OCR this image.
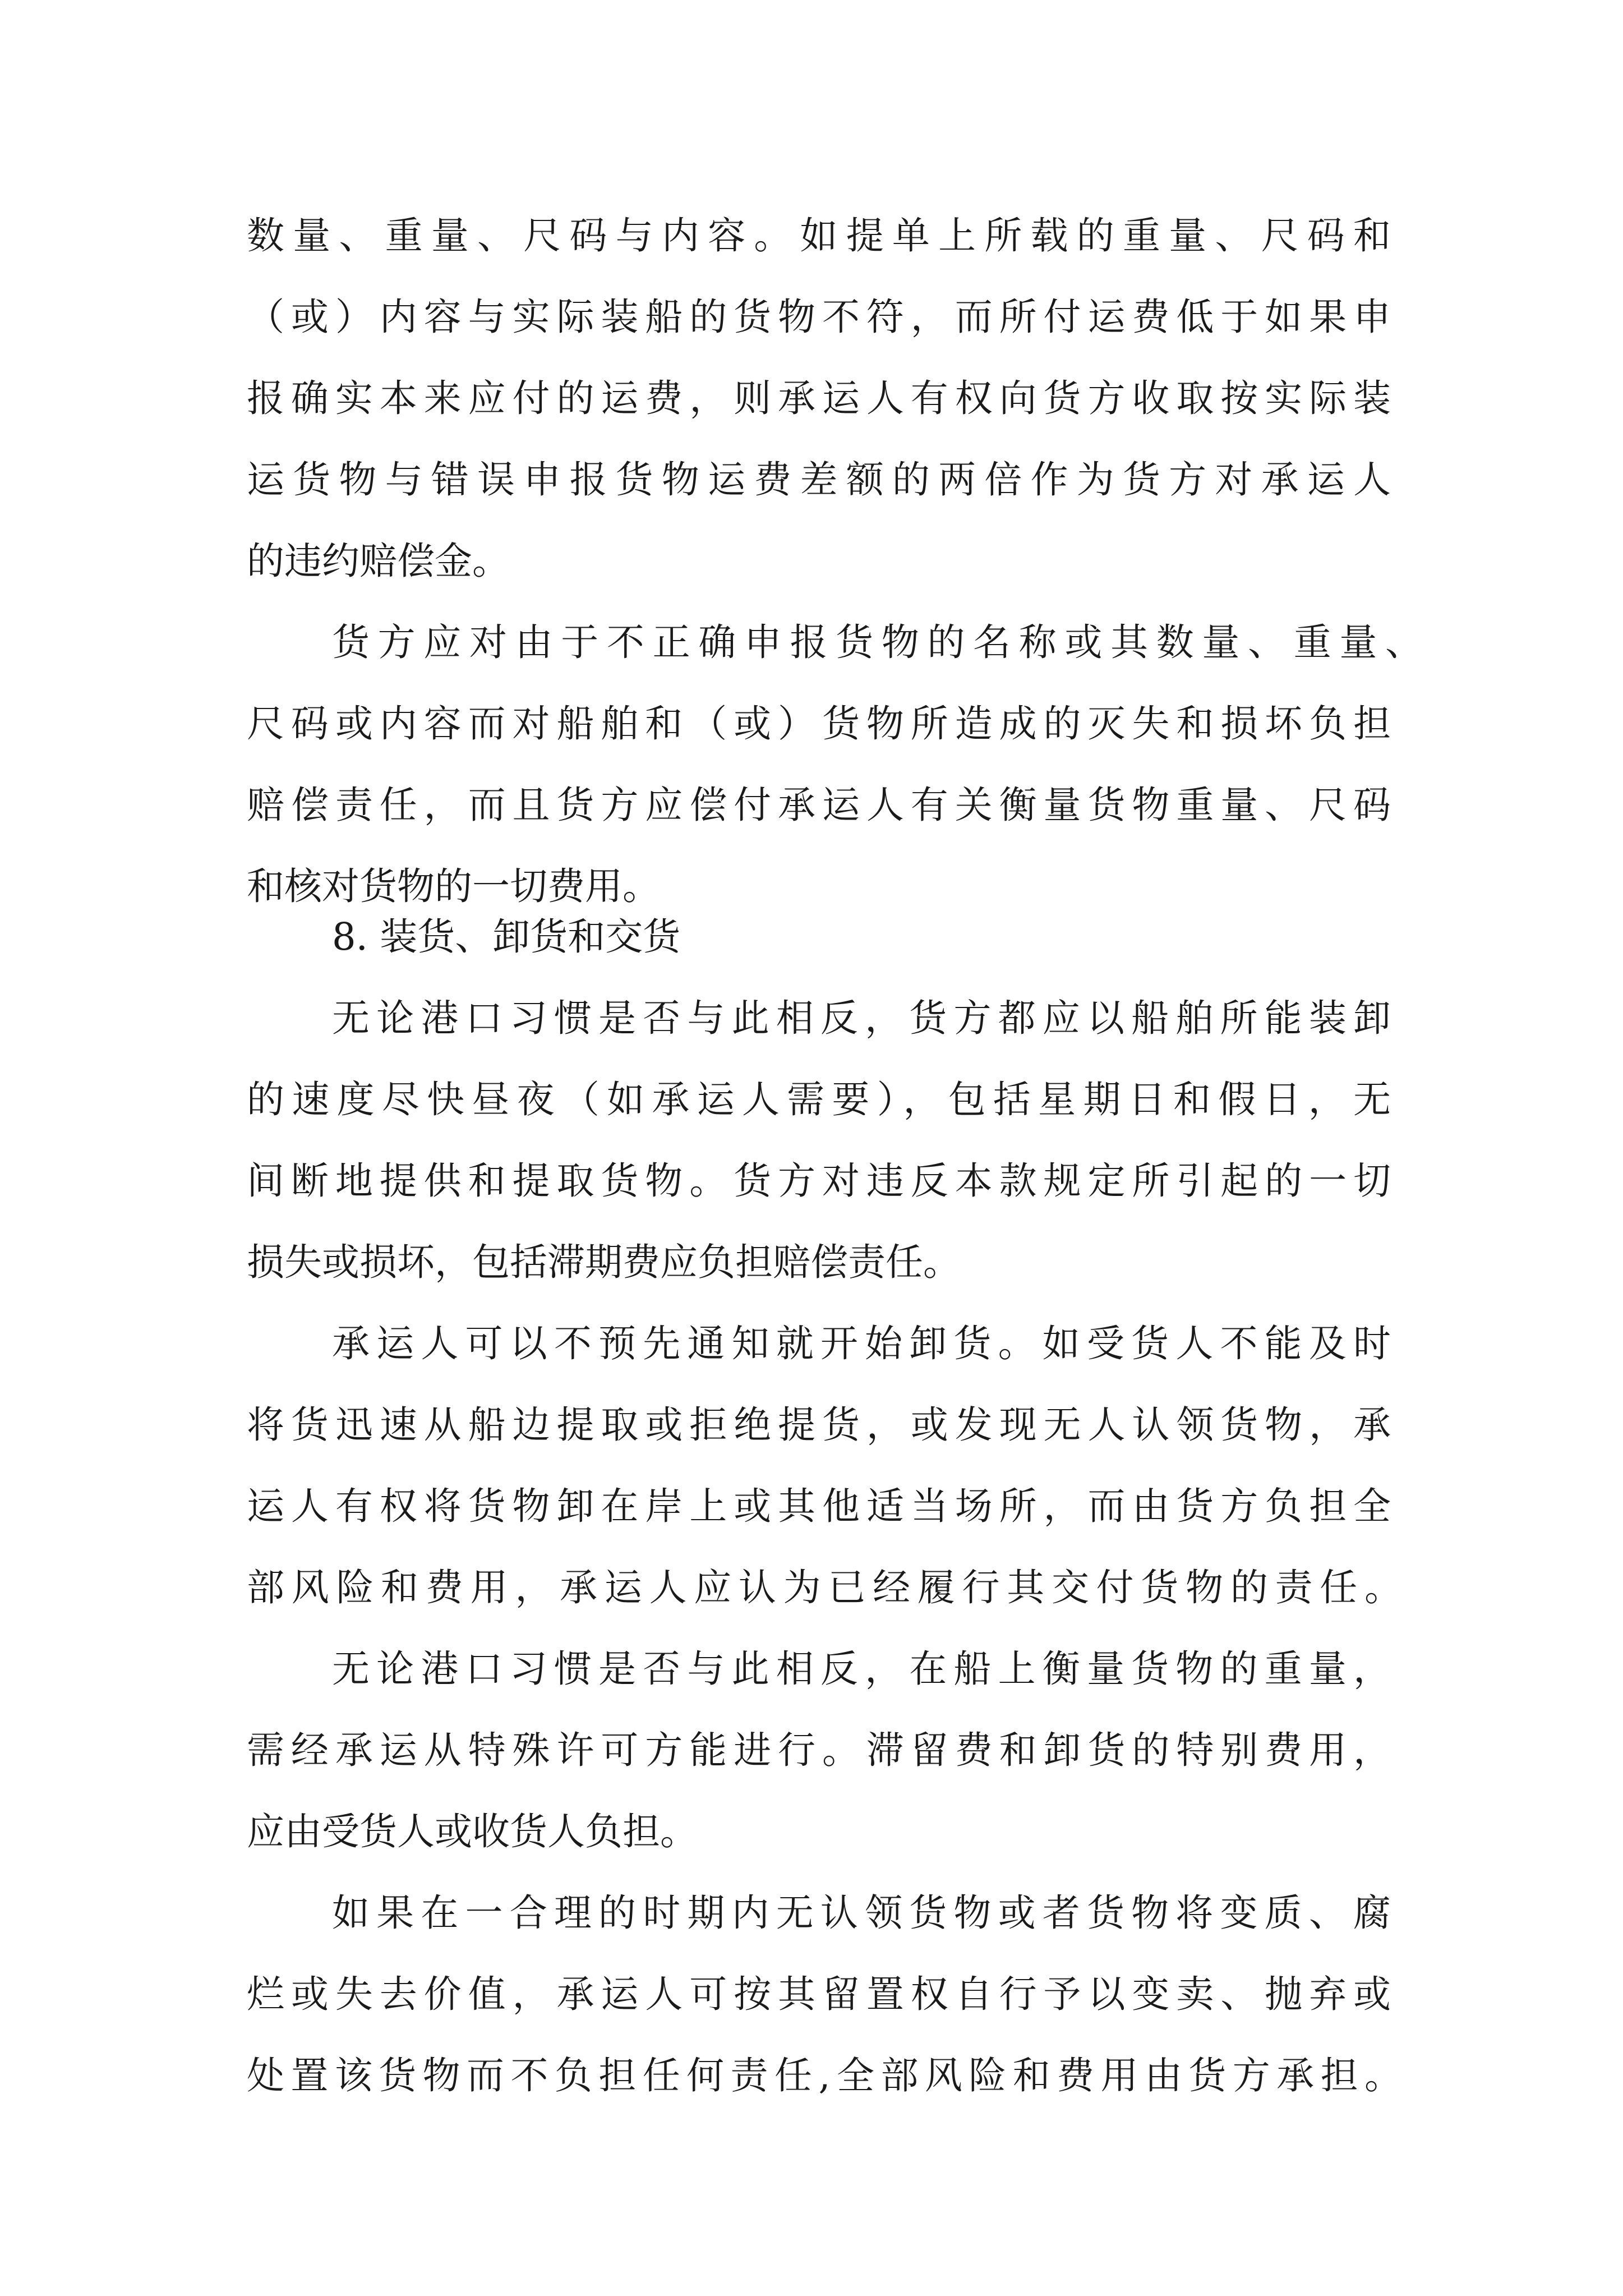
数量、重量、尺码与内容。如提单上所载的重量、尺码和

（或）内容与实际装船的货物不符，而所付运费低于如果申

报确实本来应付的运费，则承运人有权向货方收取按实际装

运货物与错误申报货物运费差额的两倍作为货方对承运人

的违约赔偿金。

货方应对由于不正确申报货物的名称或其数量、重量、

尺码或内容而对船舶和（或）货物所造成的灭失和损坏负担

赔偿责任，而且货方应偿付承运人有关衡量货物重量、尺码

和核对货物的一切费用。

8. 装货、卸货和交货

无论港口习惯是否与此相反，货方都应以船舶所能装卸

的速度尽快昼夜（如承运人需要），包括星期日和假日，无

间断地提供和提取货物。货方对违反本款规定所引起的一切

损失或损坏，包括滞期费应负担赔偿责任。

承运人可以不预先通知就开始卸货。如受货人不能及时

将货迅速从船边提取或拒绝提货，或发现无人认领货物，承

运人有权将货物卸在岸上或其他适当场所，而由货方负担全

部风险和费用，承运人应认为已经履行其交付货物的责任。

无论港口习惯是否与此相反，在船上衡量货物的重量，

需经承运从特殊许可方能进行。滞留费和卸货的特别费用，

应由受货人或收货人负担。

如果在一合理的时期内无认领货物或者货物将变质、腐

烂或失去价值，承运人可按其留置权自行予以变卖、抛弃或

处置该货物而不负担任何责任,全部风险和费用由货方承担。
